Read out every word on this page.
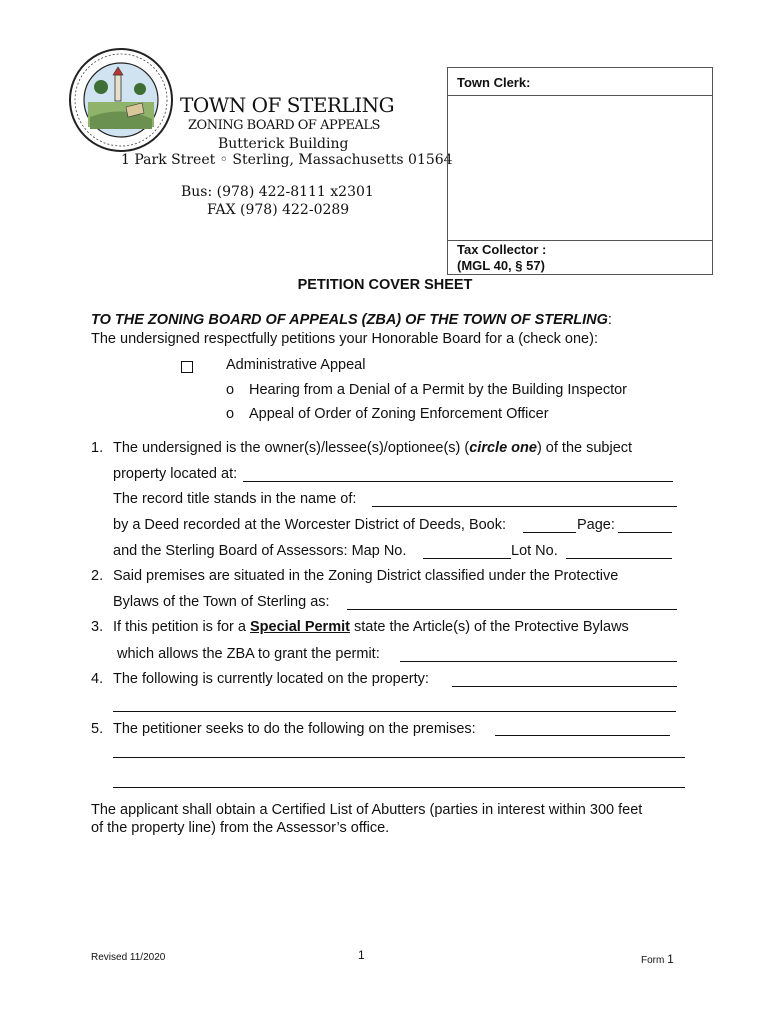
TOWN OF STERLING
ZONING BOARD OF APPEALS
Butterick Building
1 Park Street ◦ Sterling, Massachusetts 01564
Bus: (978) 422-8111 x2301
FAX (978) 422-0289
Town Clerk:
Tax Collector :
(MGL 40, § 57)
PETITION COVER SHEET
TO THE ZONING BOARD OF APPEALS (ZBA) OF THE TOWN OF STERLING:
The undersigned respectfully petitions your Honorable Board for a (check one):
Administrative Appeal
o Hearing from a Denial of a Permit by the Building Inspector
o Appeal of Order of Zoning Enforcement Officer
1. The undersigned is the owner(s)/lessee(s)/optionee(s) (circle one) of the subject
property located at:
The record title stands in the name of:
by a Deed recorded at the Worcester District of Deeds, Book:	Page:
and the Sterling Board of Assessors: Map No.	Lot No.
2. Said premises are situated in the Zoning District classified under the Protective
Bylaws of the Town of Sterling as:
3. If this petition is for a Special Permit state the Article(s) of the Protective Bylaws
which allows the ZBA to grant the permit:
4. The following is currently located on the property:
5. The petitioner seeks to do the following on the premises:
The applicant shall obtain a Certified List of Abutters (parties in interest within 300 feet
of the property line) from the Assessor’s office.
Revised 11/2020	1	Form 1
